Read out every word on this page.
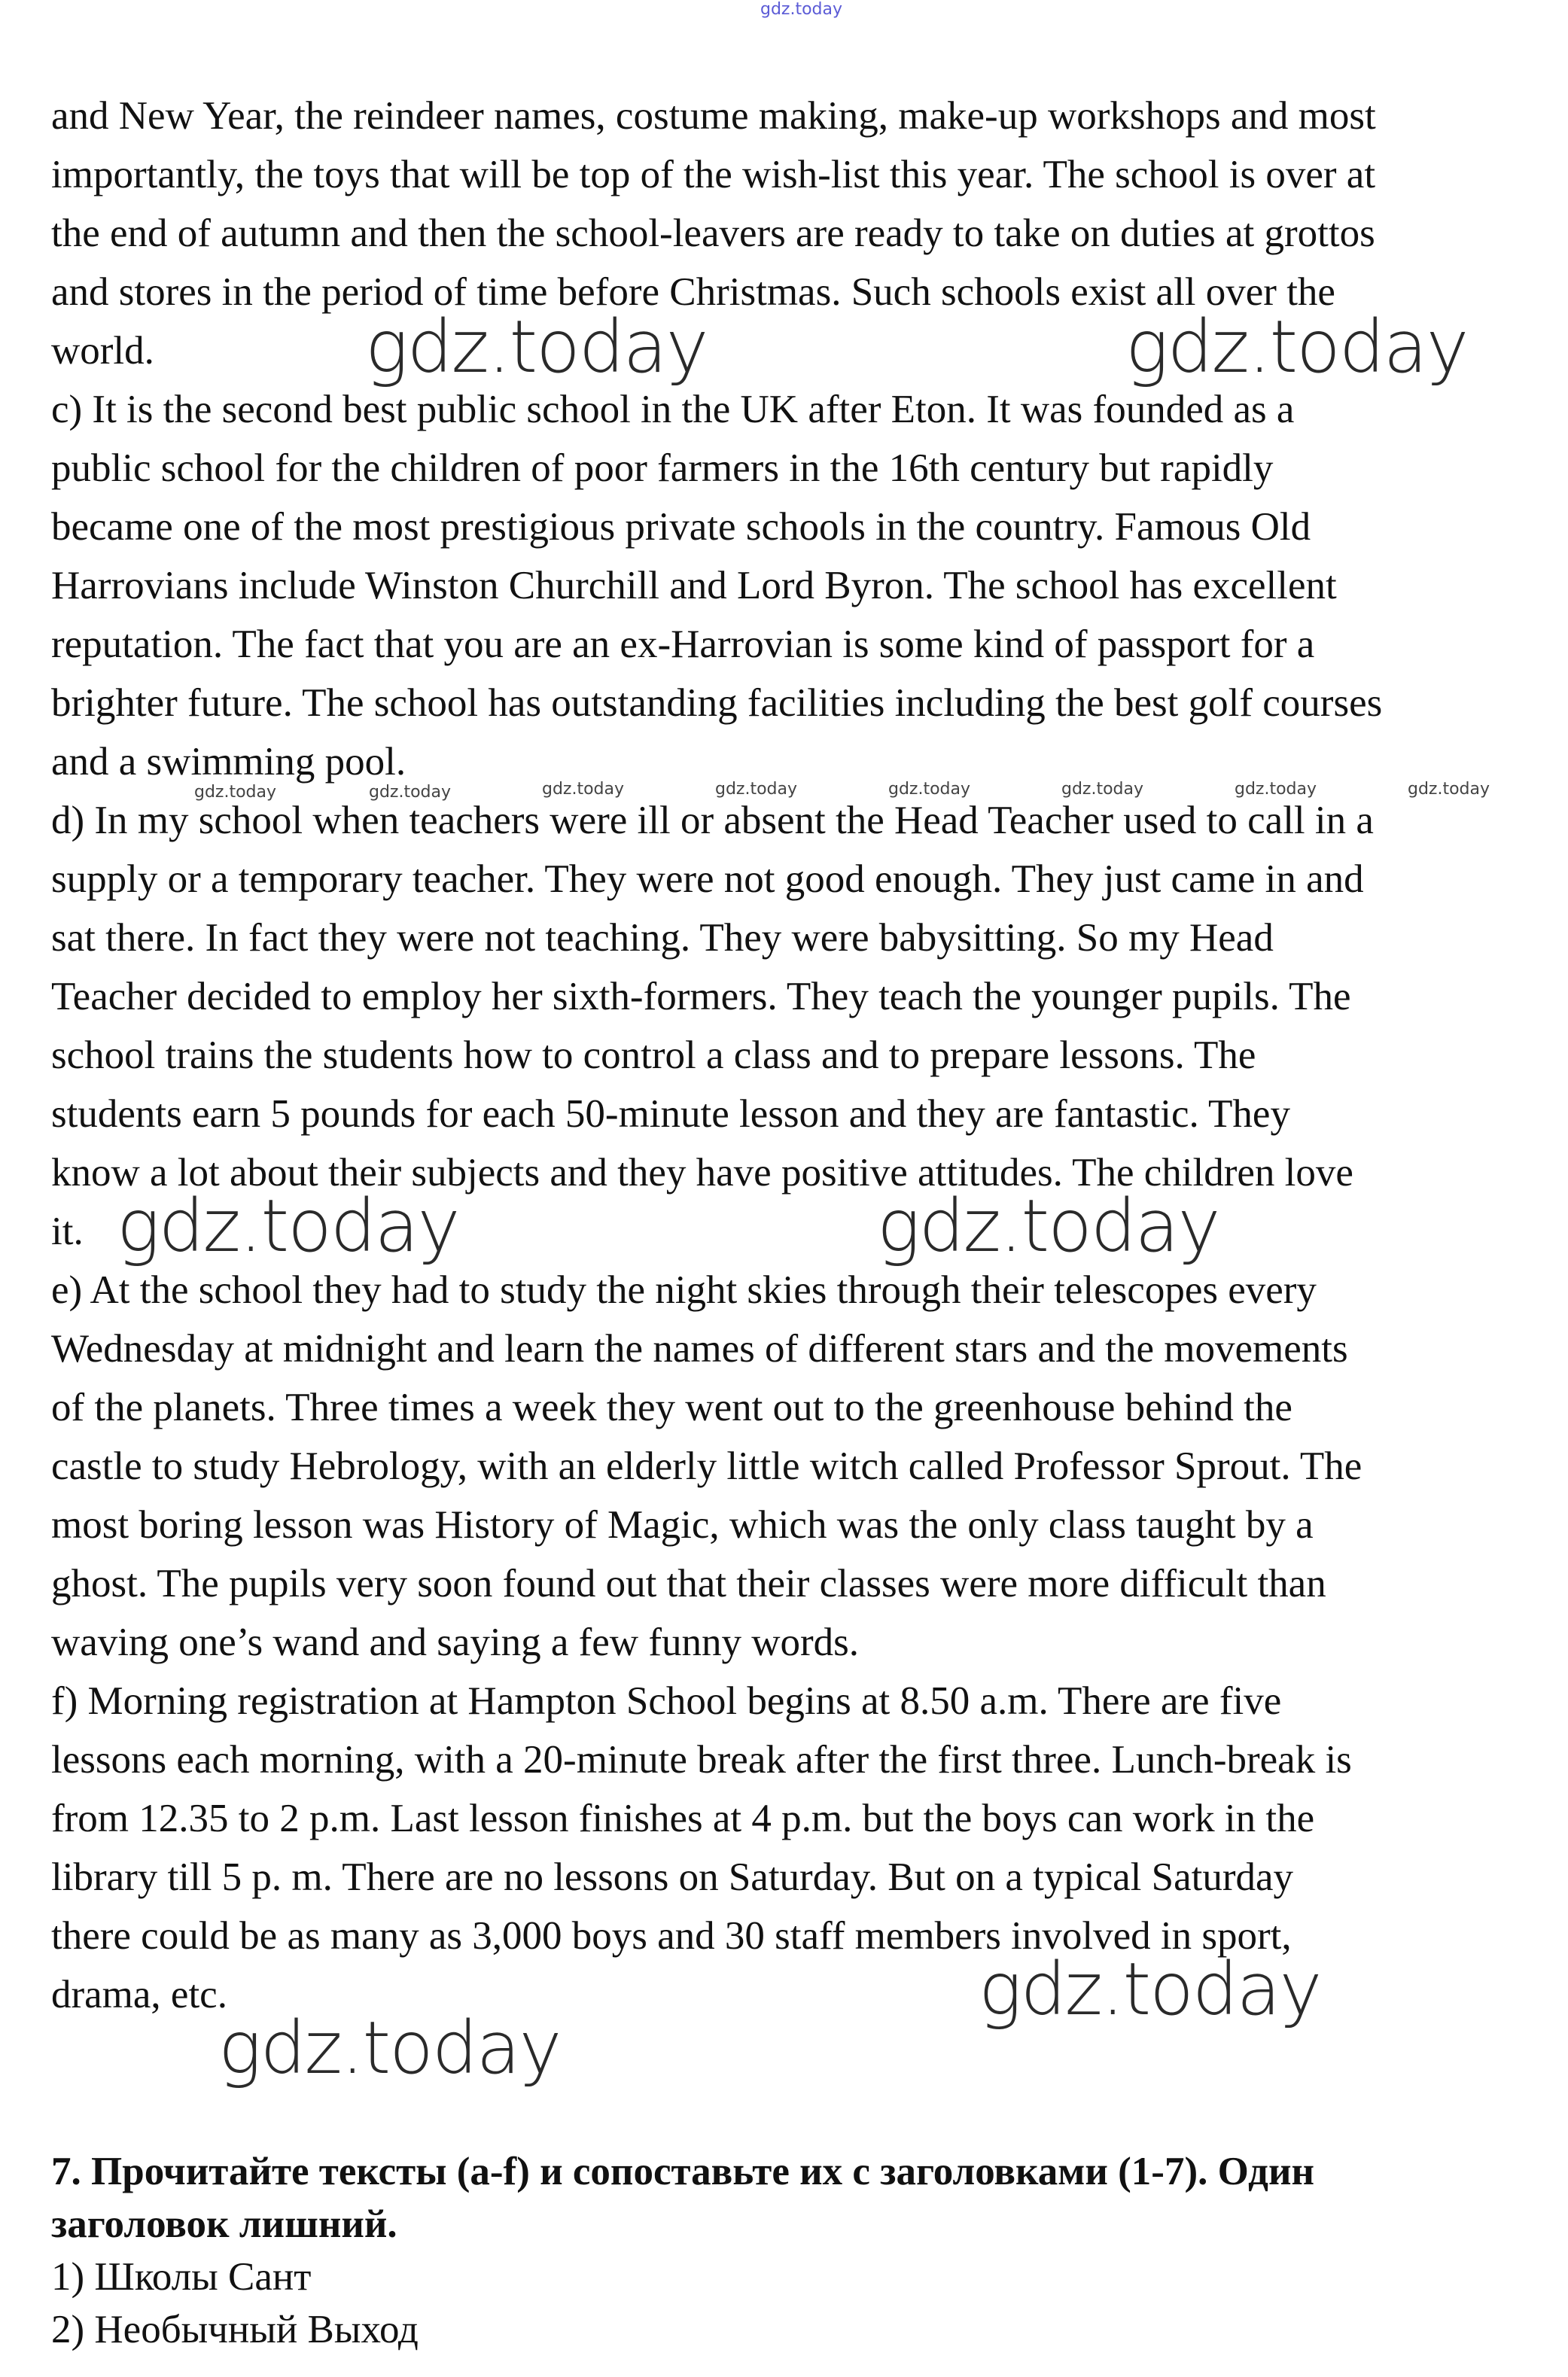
gdz.today

and New Year, the reindeer names, costume making, make-up workshops and most

importantly, the toys that will be top of the wish-list this year. The school is over at

the end of autumn and then the school-leavers are ready to take on duties at grottos

and stores in the period of time before Christmas. Such schools exist all over the

world.

c) It is the second best public school in the UK after Eton. It was founded as a

public school for the children of poor farmers in the 16th century but rapidly

became one of the most prestigious private schools in the country. Famous Old

Harrovians include Winston Churchill and Lord Byron. The school has excellent

reputation. The fact that you are an ex-Harrovian is some kind of passport for a

brighter future. The school has outstanding facilities including the best golf courses

and a swimming pool.

d) In my school when teachers were ill or absent the Head Teacher used to call in a

supply or a temporary teacher. They were not good enough. They just came in and

sat there. In fact they were not teaching. They were babysitting. So my Head

Teacher decided to employ her sixth-formers. They teach the younger pupils. The

school trains the students how to control a class and to prepare lessons. The

students earn 5 pounds for each 50-minute lesson and they are fantastic. They

know a lot about their subjects and they have positive attitudes. The children love

it.

e) At the school they had to study the night skies through their telescopes every

Wednesday at midnight and learn the names of different stars and the movements

of the planets. Three times a week they went out to the greenhouse behind the

castle to study Hebrology, with an elderly little witch called Professor Sprout. The

most boring lesson was History of Magic, which was the only class taught by a

ghost. The pupils very soon found out that their classes were more difficult than

waving one’s wand and saying a few funny words.

f) Morning registration at Hampton School begins at 8.50 a.m. There are five

lessons each morning, with a 20-minute break after the first three. Lunch-break is

from 12.35 to 2 p.m. Last lesson finishes at 4 p.m. but the boys can work in the

library till 5 p. m. There are no lessons on Saturday. But on a typical Saturday

there could be as many as 3,000 boys and 30 staff members involved in sport,

drama, etc.

7. Прочитайте тексты (a-f) и сопоставьте их с заголовками (1-7). Один

заголовок лишний.

1) Школы Сант

2) Необычный Выход

gdz.today	gdz.today
gdz.today	gdz.today
gdz.today
gdz.today
gdz.today	gdz.today	gdz.today	gdz.today	gdz.today	gdz.today	gdz.today	gdz.today
